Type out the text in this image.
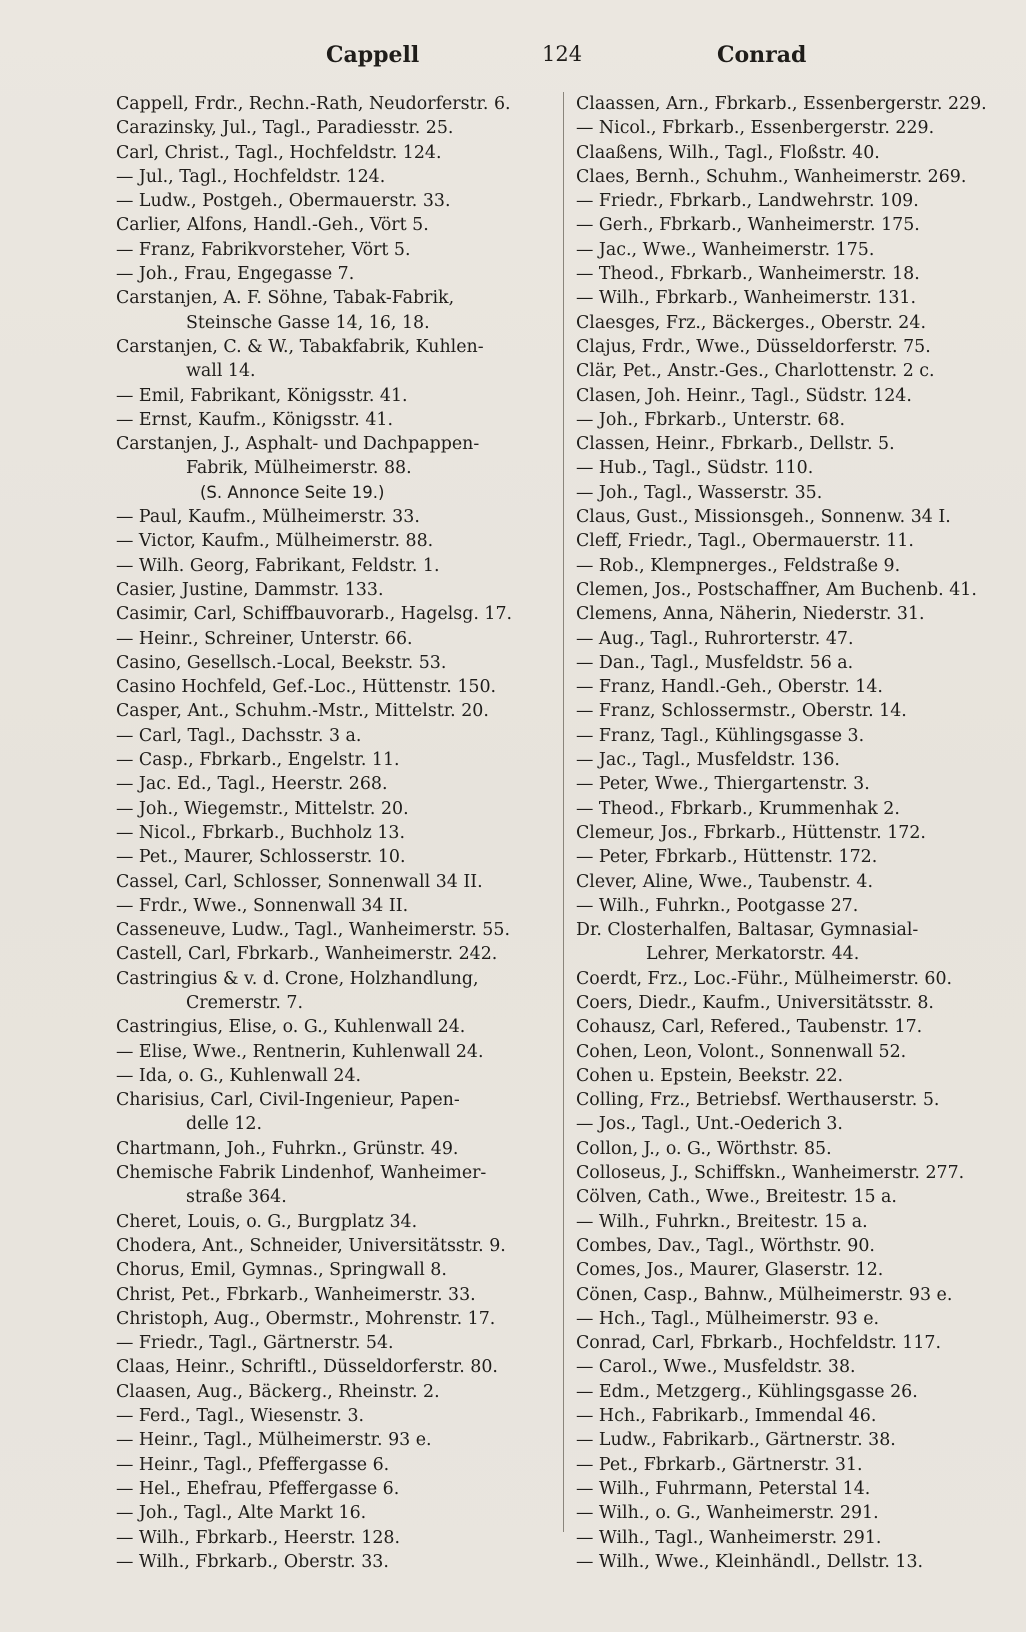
Cappell	124	Conrad
Cappell, Frdr., Rechn.-Rath, Neudorferstr. 6.
Carazinsky, Jul., Tagl., Paradiesstr. 25.
Carl, Christ., Tagl., Hochfeldstr. 124.
— Jul., Tagl., Hochfeldstr. 124.
— Ludw., Postgeh., Obermauerstr. 33.
Carlier, Alfons, Handl.-Geh., Vört 5.
— Franz, Fabrikvorsteher, Vört 5.
— Joh., Frau, Engegasse 7.
Carstanjen, A. F. Söhne, Tabak-Fabrik,
Steinsche Gasse 14, 16, 18.
Carstanjen, C. & W., Tabakfabrik, Kuhlen-
wall 14.
— Emil, Fabrikant, Königsstr. 41.
— Ernst, Kaufm., Königsstr. 41.
Carstanjen, J., Asphalt- und Dachpappen-
Fabrik, Mülheimerstr. 88.
(S. Annonce Seite 19.)
— Paul, Kaufm., Mülheimerstr. 33.
— Victor, Kaufm., Mülheimerstr. 88.
— Wilh. Georg, Fabrikant, Feldstr. 1.
Casier, Justine, Dammstr. 133.
Casimir, Carl, Schiffbauvorarb., Hagelsg. 17.
— Heinr., Schreiner, Unterstr. 66.
Casino, Gesellsch.-Local, Beekstr. 53.
Casino Hochfeld, Gef.-Loc., Hüttenstr. 150.
Casper, Ant., Schuhm.-Mstr., Mittelstr. 20.
— Carl, Tagl., Dachsstr. 3 a.
— Casp., Fbrkarb., Engelstr. 11.
— Jac. Ed., Tagl., Heerstr. 268.
— Joh., Wiegemstr., Mittelstr. 20.
— Nicol., Fbrkarb., Buchholz 13.
— Pet., Maurer, Schlosserstr. 10.
Cassel, Carl, Schlosser, Sonnenwall 34 II.
— Frdr., Wwe., Sonnenwall 34 II.
Casseneuve, Ludw., Tagl., Wanheimerstr. 55.
Castell, Carl, Fbrkarb., Wanheimerstr. 242.
Castringius & v. d. Crone, Holzhandlung,
Cremerstr. 7.
Castringius, Elise, o. G., Kuhlenwall 24.
— Elise, Wwe., Rentnerin, Kuhlenwall 24.
— Ida, o. G., Kuhlenwall 24.
Charisius, Carl, Civil-Ingenieur, Papen-
delle 12.
Chartmann, Joh., Fuhrkn., Grünstr. 49.
Chemische Fabrik Lindenhof, Wanheimer-
straße 364.
Cheret, Louis, o. G., Burgplatz 34.
Chodera, Ant., Schneider, Universitätsstr. 9.
Chorus, Emil, Gymnas., Springwall 8.
Christ, Pet., Fbrkarb., Wanheimerstr. 33.
Christoph, Aug., Obermstr., Mohrenstr. 17.
— Friedr., Tagl., Gärtnerstr. 54.
Claas, Heinr., Schriftl., Düsseldorferstr. 80.
Claasen, Aug., Bäckerg., Rheinstr. 2.
— Ferd., Tagl., Wiesenstr. 3.
— Heinr., Tagl., Mülheimerstr. 93 e.
— Heinr., Tagl., Pfeffergasse 6.
— Hel., Ehefrau, Pfeffergasse 6.
— Joh., Tagl., Alte Markt 16.
— Wilh., Fbrkarb., Heerstr. 128.
— Wilh., Fbrkarb., Oberstr. 33.
Claassen, Arn., Fbrkarb., Essenbergerstr. 229.
— Nicol., Fbrkarb., Essenbergerstr. 229.
Claaßens, Wilh., Tagl., Floßstr. 40.
Claes, Bernh., Schuhm., Wanheimerstr. 269.
— Friedr., Fbrkarb., Landwehrstr. 109.
— Gerh., Fbrkarb., Wanheimerstr. 175.
— Jac., Wwe., Wanheimerstr. 175.
— Theod., Fbrkarb., Wanheimerstr. 18.
— Wilh., Fbrkarb., Wanheimerstr. 131.
Claesges, Frz., Bäckerges., Oberstr. 24.
Clajus, Frdr., Wwe., Düsseldorferstr. 75.
Clär, Pet., Anstr.-Ges., Charlottenstr. 2 c.
Clasen, Joh. Heinr., Tagl., Südstr. 124.
— Joh., Fbrkarb., Unterstr. 68.
Classen, Heinr., Fbrkarb., Dellstr. 5.
— Hub., Tagl., Südstr. 110.
— Joh., Tagl., Wasserstr. 35.
Claus, Gust., Missionsgeh., Sonnenw. 34 I.
Cleff, Friedr., Tagl., Obermauerstr. 11.
— Rob., Klempnerges., Feldstraße 9.
Clemen, Jos., Postschaffner, Am Buchenb. 41.
Clemens, Anna, Näherin, Niederstr. 31.
— Aug., Tagl., Ruhrorterstr. 47.
— Dan., Tagl., Musfeldstr. 56 a.
— Franz, Handl.-Geh., Oberstr. 14.
— Franz, Schlossermstr., Oberstr. 14.
— Franz, Tagl., Kühlingsgasse 3.
— Jac., Tagl., Musfeldstr. 136.
— Peter, Wwe., Thiergartenstr. 3.
— Theod., Fbrkarb., Krummenhak 2.
Clemeur, Jos., Fbrkarb., Hüttenstr. 172.
— Peter, Fbrkarb., Hüttenstr. 172.
Clever, Aline, Wwe., Taubenstr. 4.
— Wilh., Fuhrkn., Pootgasse 27.
Dr. Closterhalfen, Baltasar, Gymnasial-
Lehrer, Merkatorstr. 44.
Coerdt, Frz., Loc.-Führ., Mülheimerstr. 60.
Coers, Diedr., Kaufm., Universitätsstr. 8.
Cohausz, Carl, Refered., Taubenstr. 17.
Cohen, Leon, Volont., Sonnenwall 52.
Cohen u. Epstein, Beekstr. 22.
Colling, Frz., Betriebsf. Werthauserstr. 5.
— Jos., Tagl., Unt.-Oederich 3.
Collon, J., o. G., Wörthstr. 85.
Colloseus, J., Schiffskn., Wanheimerstr. 277.
Cölven, Cath., Wwe., Breitestr. 15 a.
— Wilh., Fuhrkn., Breitestr. 15 a.
Combes, Dav., Tagl., Wörthstr. 90.
Comes, Jos., Maurer, Glaserstr. 12.
Cönen, Casp., Bahnw., Mülheimerstr. 93 e.
— Hch., Tagl., Mülheimerstr. 93 e.
Conrad, Carl, Fbrkarb., Hochfeldstr. 117.
— Carol., Wwe., Musfeldstr. 38.
— Edm., Metzgerg., Kühlingsgasse 26.
— Hch., Fabrikarb., Immendal 46.
— Ludw., Fabrikarb., Gärtnerstr. 38.
— Pet., Fbrkarb., Gärtnerstr. 31.
— Wilh., Fuhrmann, Peterstal 14.
— Wilh., o. G., Wanheimerstr. 291.
— Wilh., Tagl., Wanheimerstr. 291.
— Wilh., Wwe., Kleinhändl., Dellstr. 13.
